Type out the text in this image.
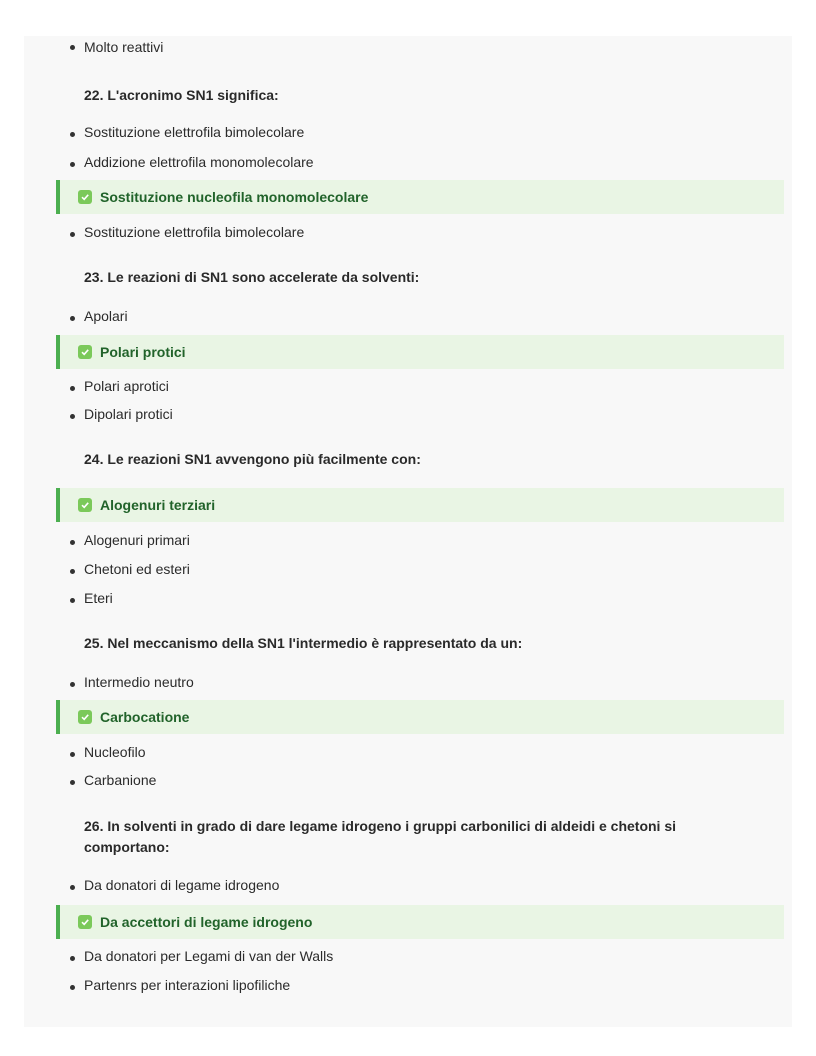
Molto reattivi
22. L'acronimo SN1 significa:
Sostituzione elettrofila bimolecolare
Addizione elettrofila monomolecolare
Sostituzione nucleofila monomolecolare
Sostituzione elettrofila bimolecolare
23. Le reazioni di SN1 sono accelerate da solventi:
Apolari
Polari protici
Polari aprotici
Dipolari protici
24. Le reazioni SN1 avvengono più facilmente con:
Alogenuri terziari
Alogenuri primari
Chetoni ed esteri
Eteri
25. Nel meccanismo della SN1 l'intermedio è rappresentato da un:
Intermedio neutro
Carbocatione
Nucleofilo
Carbanione
26. In solventi in grado di dare legame idrogeno i gruppi carbonilici di aldeidi e chetoni si comportano:
Da donatori di legame idrogeno
Da accettori di legame idrogeno
Da donatori per Legami di van der Walls
Partenrs per interazioni lipofiliche
